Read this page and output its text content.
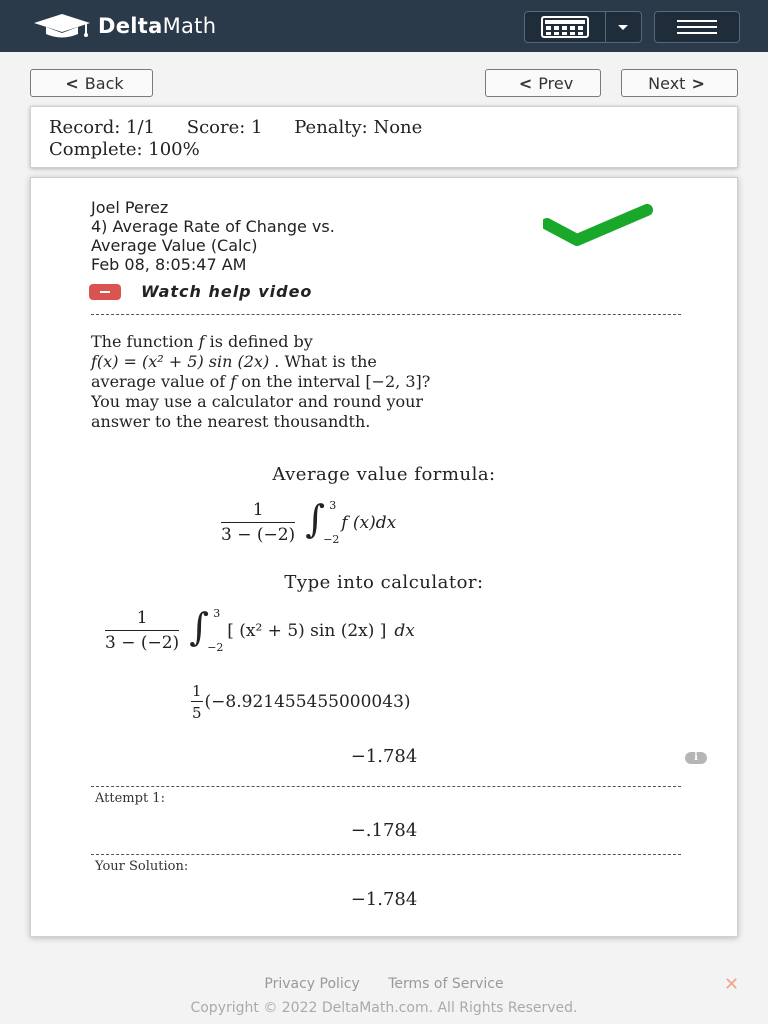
DeltaMath
< Back	< Prev	Next >
Record: 1/1 Score: 1 Penalty: None
Complete: 100%
Joel Perez
4) Average Rate of Change vs.
Average Value (Calc)
Feb 08, 8:05:47 AM
Watch help video
The function f is defined by
f(x) = (x² + 5) sin (2x) . What is the
average value of f on the interval [−2, 3]?
You may use a calculator and round your
answer to the nearest thousandth.
Average value formula:
$\frac{1}{3 - (-2)}$ ∫ 3
−2
f (x)dx
Type into calculator:
$\frac{1}{3 - (-2)}$ ∫ 3
−2
[ (x² + 5) sin (2x) ] dx
$\frac{1}{5} (-8.921455455000043)$
−1.784	i
Attempt 1:
−.1784
Your Solution:
−1.784
Privacy Policy Terms of Service	✕
Copyright © 2022 DeltaMath.com. All Rights Reserved.
